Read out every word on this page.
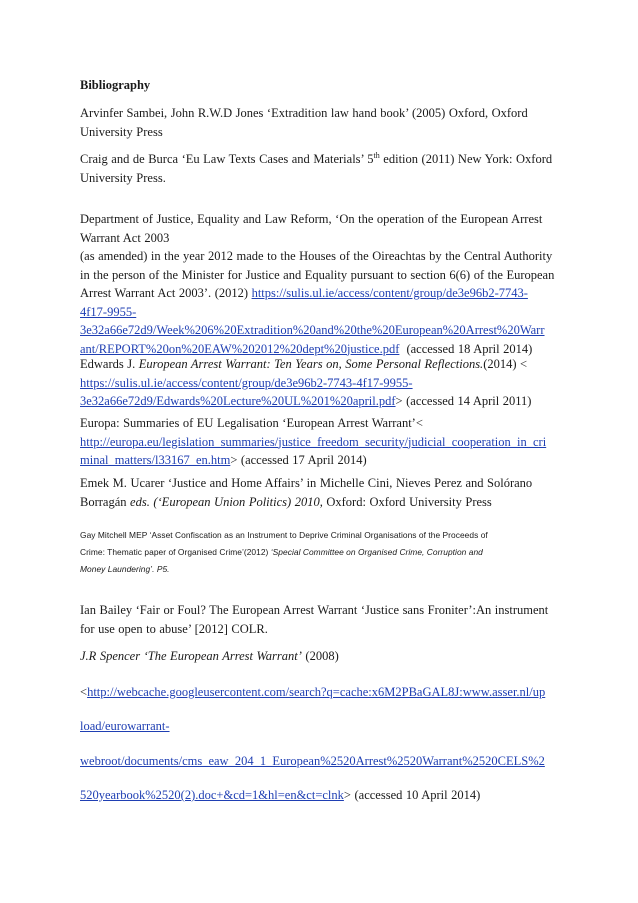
Bibliography
Arvinfer Sambei, John R.W.D Jones ‘Extradition law hand book’ (2005) Oxford, Oxford University Press
Craig and de Burca ‘Eu Law Texts Cases and Materials’ 5th edition (2011) New York: Oxford University Press.
Department of Justice, Equality and Law Reform, ‘On the operation of the European Arrest
Warrant Act 2003
(as amended) in the year 2012 made to the Houses of the Oireachtas by the Central Authority
in the person of the Minister for Justice and Equality pursuant to section 6(6) of the European
Arrest Warrant Act 2003’. (2012) https://sulis.ul.ie/access/content/group/de3e96b2-7743-
4f17-9955-
3e32a66e72d9/Week%206%20Extradition%20and%20the%20European%20Arrest%20Warr
ant/REPORT%20on%20EAW%202012%20dept%20justice.pdf (accessed 18 April 2014)
Edwards J. European Arrest Warrant: Ten Years on, Some Personal Reflections.(2014) <
https://sulis.ul.ie/access/content/group/de3e96b2-7743-4f17-9955-
3e32a66e72d9/Edwards%20Lecture%20UL%201%20april.pdf> (accessed 14 April 2011)
Europa: Summaries of EU Legalisation ‘European Arrest Warrant’<
http://europa.eu/legislation_summaries/justice_freedom_security/judicial_cooperation_in_cri
minal_matters/l33167_en.htm> (accessed 17 April 2014)
Emek M. Ucarer ‘Justice and Home Affairs’ in Michelle Cini, Nieves Perez and Solórano
Borragán eds. (‘European Union Politics) 2010, Oxford: Oxford University Press
Gay Mitchell MEP ‘Asset Confiscation as an Instrument to Deprive Criminal Organisations of the Proceeds of
Crime: Thematic paper of Organised Crime’(2012) ‘Special Committee on Organised Crime, Corruption and
Money Laundering’. P5.
Ian Bailey ‘Fair or Foul? The European Arrest Warrant ‘Justice sans Froniter’:An instrument for use open to abuse’ [2012] COLR.
J.R Spencer ‘The European Arrest Warrant’ (2008)
<http://webcache.googleusercontent.com/search?q=cache:x6M2PBaGAL8J:www.asser.nl/up
load/eurowarrant-
webroot/documents/cms_eaw_204_1_European%2520Arrest%2520Warrant%2520CELS%2
520yearbook%2520(2).doc+&cd=1&hl=en&ct=clnk> (accessed 10 April 2014)
